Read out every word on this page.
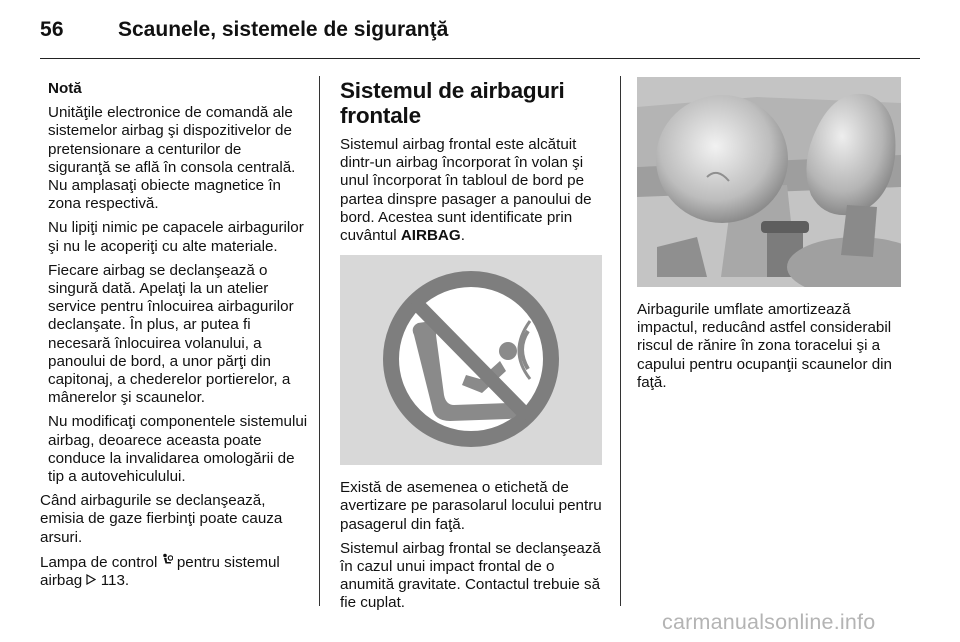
56	Scaunele, sistemele de siguranţă

Notă

Unităţile electronice de comandă ale sistemelor airbag şi dispozitivelor de pretensionare a centurilor de siguranţă se află în consola centrală. Nu amplasaţi obiecte magnetice în zona respectivă.

Nu lipiţi nimic pe capacele airbagurilor şi nu le acoperiţi cu alte materiale.

Fiecare airbag se declanşează o singură dată. Apelaţi la un atelier service pentru înlocuirea airbagurilor declanşate. În plus, ar putea fi necesară înlocuirea volanului, a panoului de bord, a unor părţi din capitonaj, a chederelor portierelor, a mânerelor şi scaunelor.

Nu modificaţi componentele sistemului airbag, deoarece aceasta poate conduce la invalidarea omologării de tip a autovehiculului.

Când airbagurile se declanşează, emisia de gaze fierbinţi poate cauza arsuri.

Lampa de control pentru sistemul airbag 113.

Sistemul de airbaguri frontale

Sistemul airbag frontal este alcătuit dintr-un airbag încorporat în volan şi unul încorporat în tabloul de bord pe partea dinspre pasager a panoului de bord. Acestea sunt identificate prin cuvântul AIRBAG.

Există de asemenea o etichetă de avertizare pe parasolarul locului pentru pasagerul din faţă.

Sistemul airbag frontal se declanşează în cazul unui impact frontal de o anumită gravitate. Contactul trebuie să fie cuplat.

Airbagurile umflate amortizează impactul, reducând astfel considerabil riscul de rănire în zona toracelui şi a capului pentru ocupanţii scaunelor din faţă.

carmanualsonline.info
